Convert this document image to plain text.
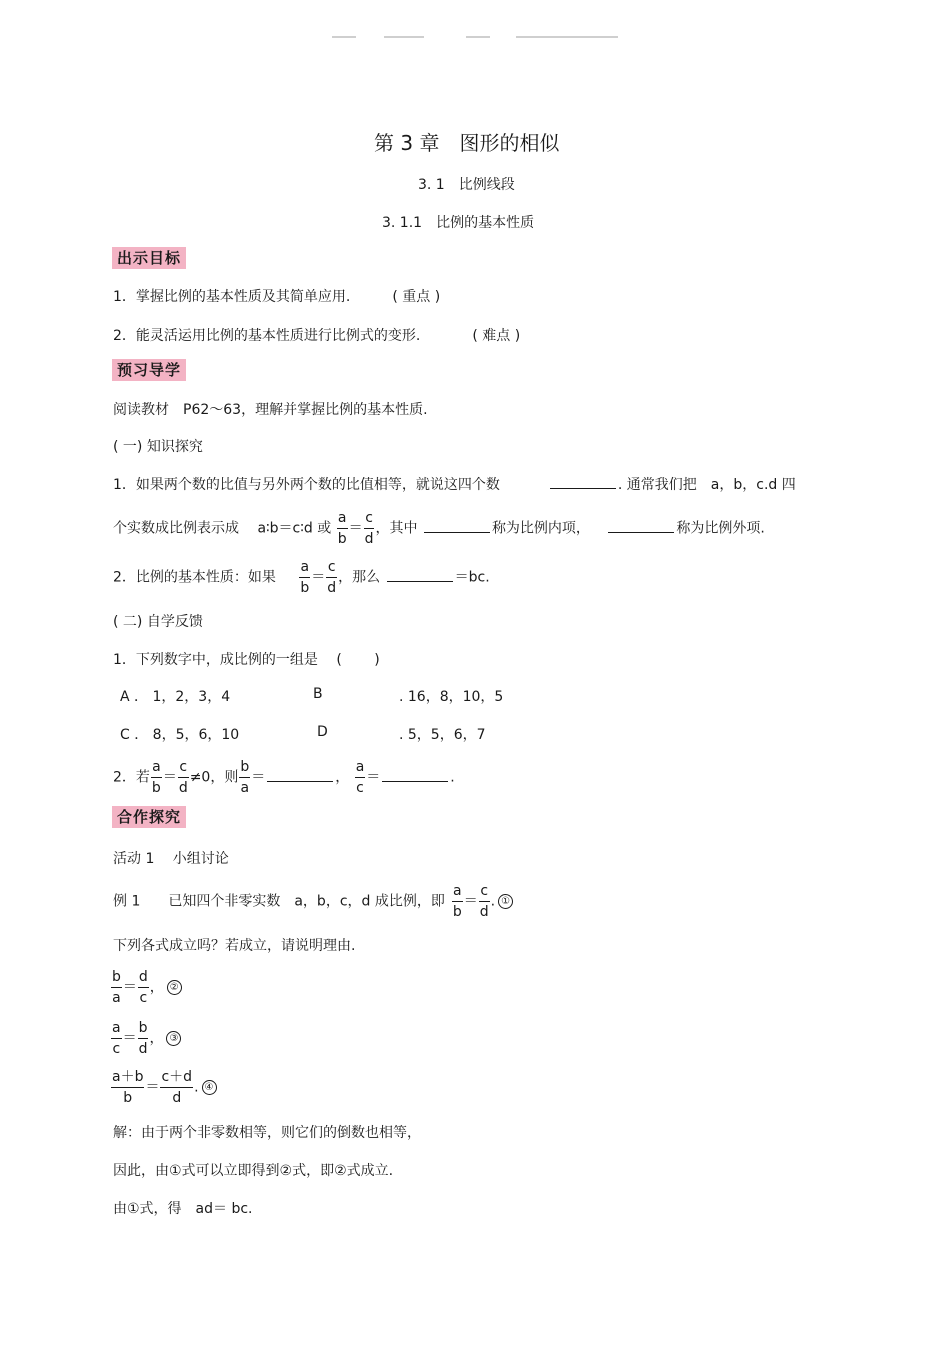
第 3 章　图形的相似
3. 1　比例线段
3. 1.1　比例的基本性质
出示目标
1．掌握比例的基本性质及其简单应用.	( 重点 )
2．能灵活运用比例的基本性质进行比例式的变形.	( 难点 )
预习导学
阅读教材　P62～63，理解并掌握比例的基本性质.
( 一) 知识探究
1．如果两个数的比值与另外两个数的比值相等，就说这四个数	. 通常我们把　a，b，c.d 四
个实数成比例表示成　 a∶b＝c∶d 或 $\frac{a}{b} = \frac{c}{d}$ ，其中	称为比例内项，	称为比例外项.
2．比例的基本性质：如果 $\frac{a}{b} = \frac{c}{d}$ ，那么	＝bc.
( 二) 自学反馈
1．下列数字中，成比例的一组是　 (　　 )
A ． 1，2，3，4	B	. 16，8，10，5
C ． 8，5，6，10	D	. 5，5，6，7
2．若 $\frac{a}{b} = \frac{c}{d} \ne 0$，则 $\frac{b}{a}$ ＝	， $\frac{a}{c}$ ＝	.
合作探究
活动 1　 小组讨论
例 1　　已知四个非零实数　a，b，c，d 成比例，即 $\frac{a}{b} = \frac{c}{d}$ . ①
下列各式成立吗？若成立，请说明理由.
$\frac{b}{a} = \frac{d}{c}$ ， ②
$\frac{a}{c} = \frac{b}{d}$ ， ③
$\frac{a+b}{b} = \frac{c+d}{d}$ . ④
解：由于两个非零数相等，则它们的倒数也相等，
因此，由①式可以立即得到②式，即②式成立.
由①式，得　ad＝ bc.
